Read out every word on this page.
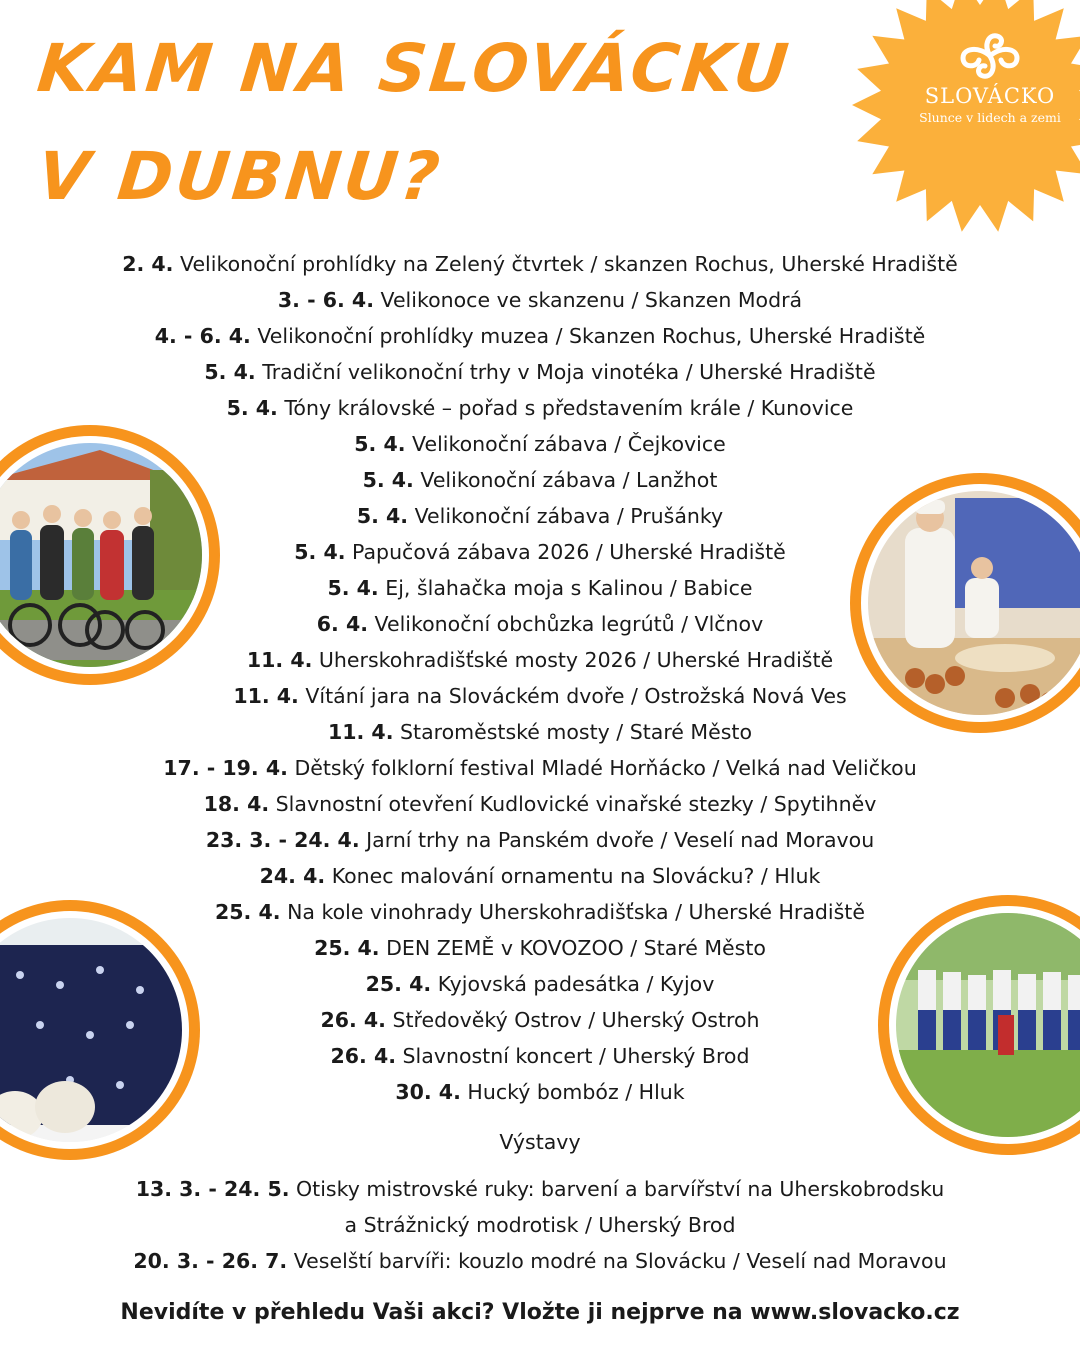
KAM NA SLOVÁCKU
V DUBNU?
SLOVÁCKO
Slunce v lidech a zemi
2. 4. Velikonoční prohlídky na Zelený čtvrtek / skanzen Rochus, Uherské Hradiště
3. - 6. 4. Velikonoce ve skanzenu / Skanzen Modrá
4. - 6. 4. Velikonoční prohlídky muzea / Skanzen Rochus, Uherské Hradiště
5. 4. Tradiční velikonoční trhy v Moja vinotéka / Uherské Hradiště
5. 4. Tóny královské – pořad s představením krále / Kunovice
5. 4. Velikonoční zábava / Čejkovice
5. 4. Velikonoční zábava / Lanžhot
5. 4. Velikonoční zábava / Prušánky
5. 4. Papučová zábava 2026 / Uherské Hradiště
5. 4. Ej, šlahačka moja s Kalinou / Babice
6. 4. Velikonoční obchůzka legrútů / Vlčnov
11. 4. Uherskohradišťské mosty 2026 / Uherské Hradiště
11. 4. Vítání jara na Slováckém dvoře / Ostrožská Nová Ves
11. 4. Staroměstské mosty / Staré Město
17. - 19. 4. Dětský folklorní festival Mladé Horňácko / Velká nad Veličkou
18. 4. Slavnostní otevření Kudlovické vinařské stezky / Spytihněv
23. 3. - 24. 4. Jarní trhy na Panském dvoře / Veselí nad Moravou
24. 4. Konec malování ornamentu na Slovácku? / Hluk
25. 4. Na kole vinohrady Uherskohradišťska / Uherské Hradiště
25. 4. DEN ZEMĚ v KOVOZOO / Staré Město
25. 4. Kyjovská padesátka / Kyjov
26. 4. Středověký Ostrov / Uherský Ostroh
26. 4. Slavnostní koncert / Uherský Brod
30. 4. Hucký bombóz / Hluk
Výstavy
13. 3. - 24. 5. Otisky mistrovské ruky: barvení a barvířství na Uherskobrodsku
a Strážnický modrotisk / Uherský Brod
20. 3. - 26. 7. Veselští barvíři: kouzlo modré na Slovácku / Veselí nad Moravou
Nevidíte v přehledu Vaši akci? Vložte ji nejprve na www.slovacko.cz
